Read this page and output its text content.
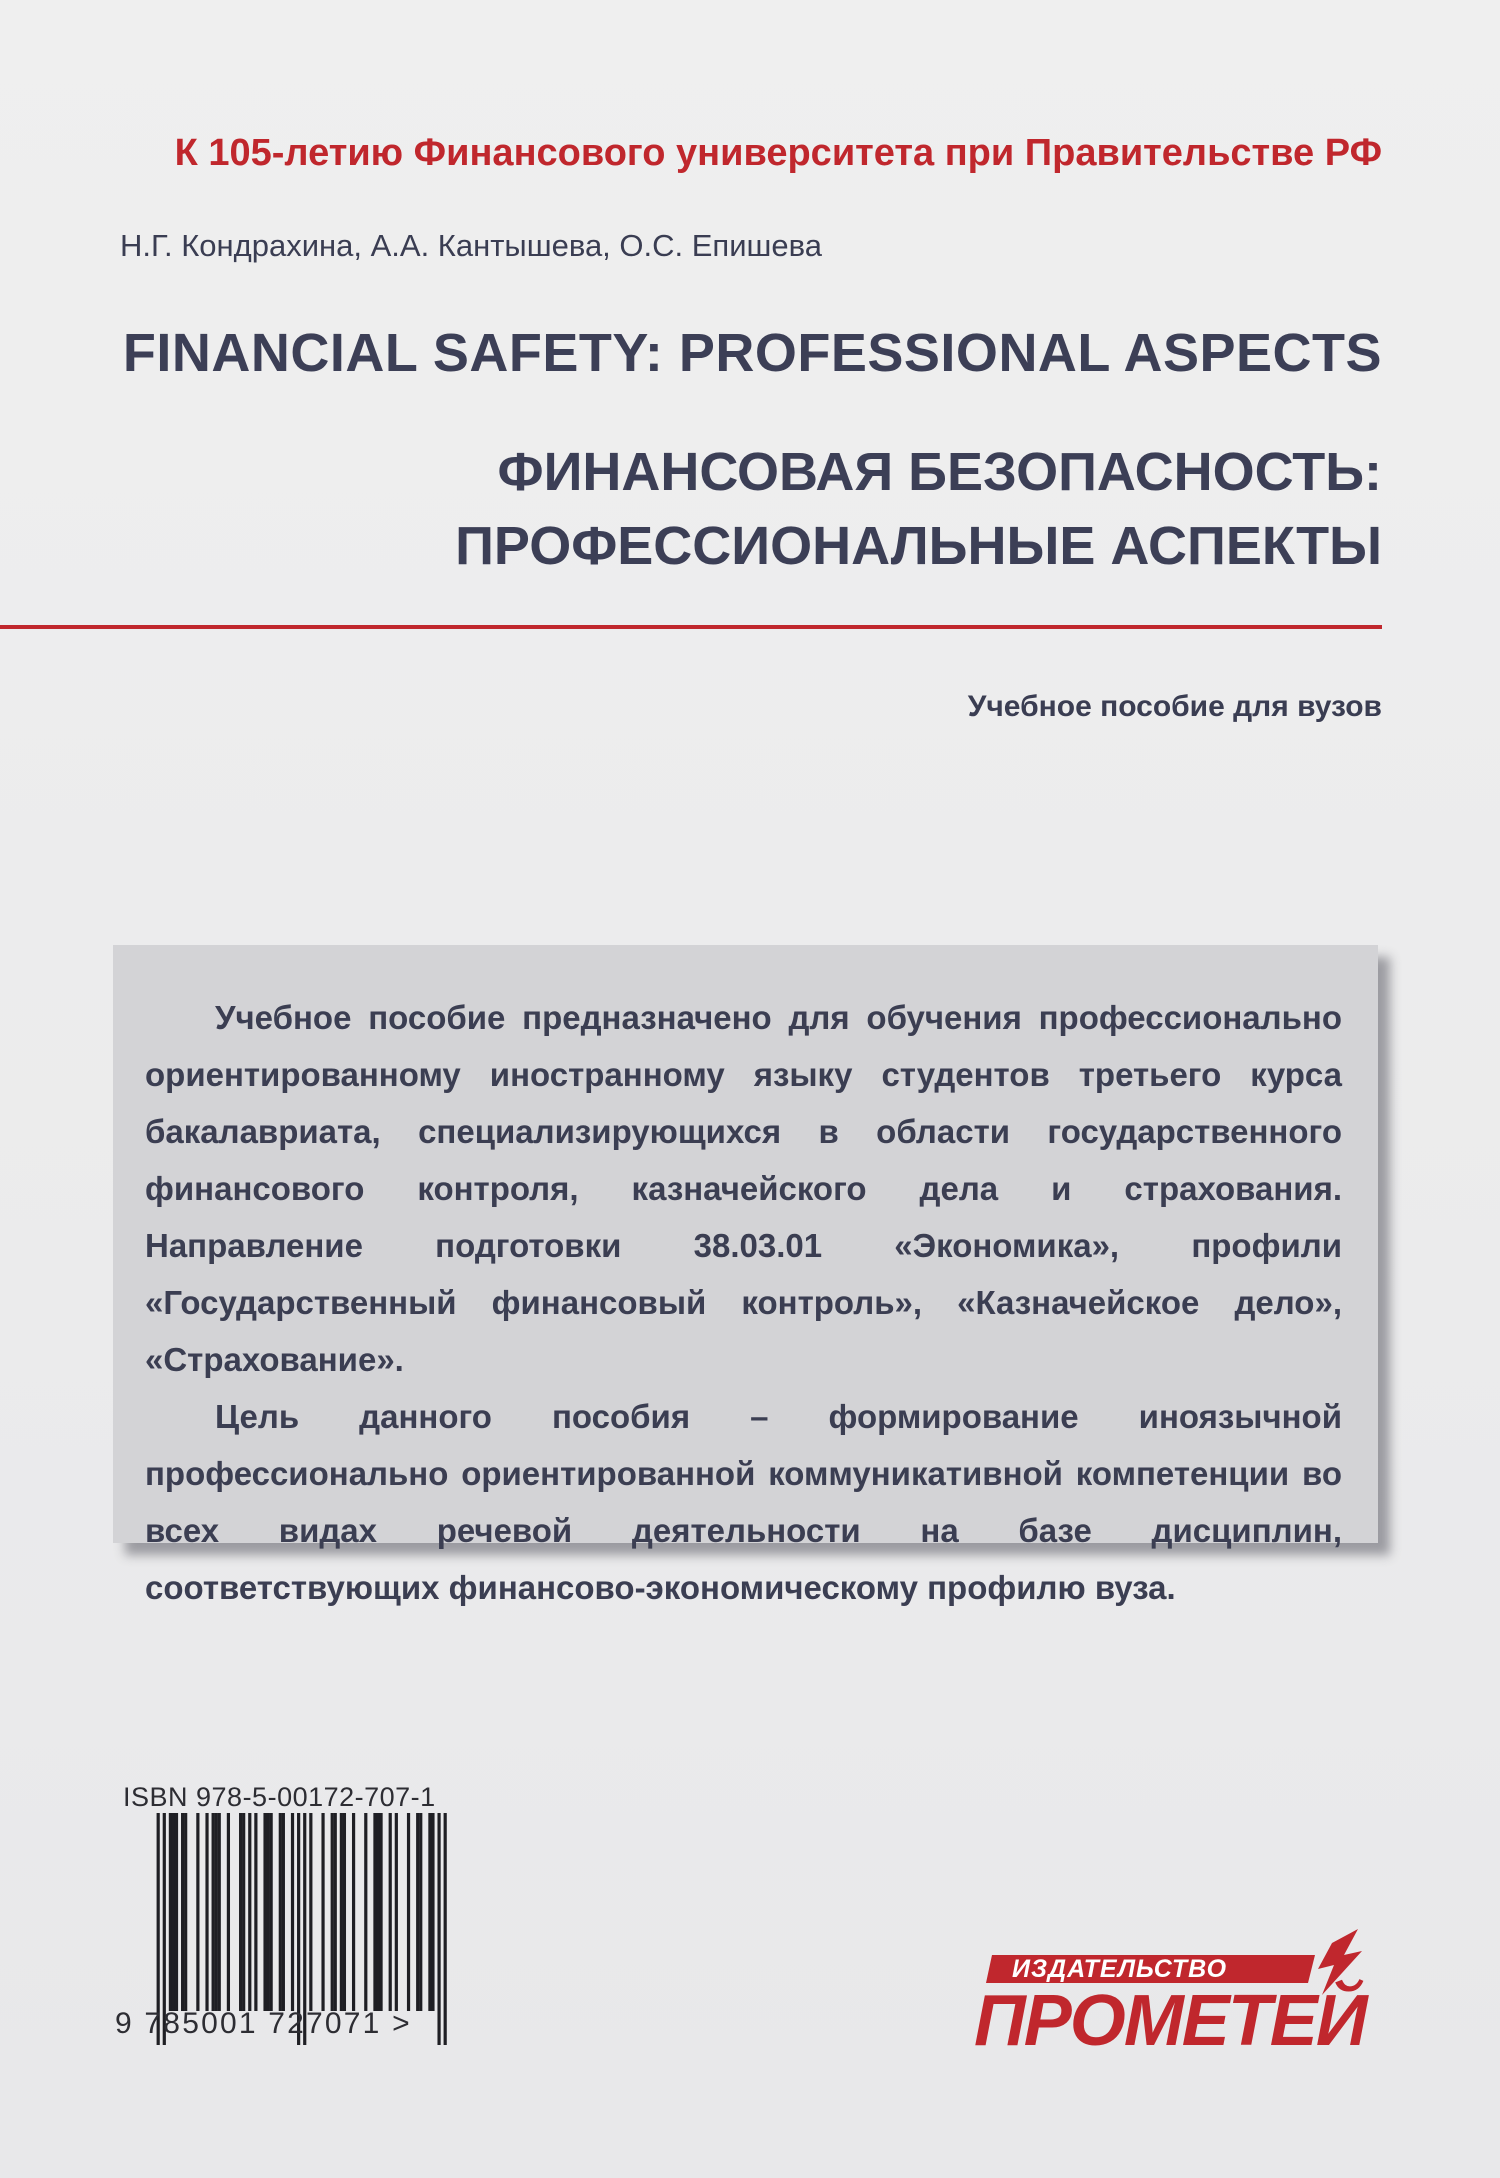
К 105-летию Финансового университета при Правительстве РФ
Н.Г. Кондрахина, А.А. Кантышева, О.С. Епишева
FINANCIAL SAFETY: PROFESSIONAL ASPECTS
ФИНАНСОВАЯ БЕЗОПАСНОСТЬ:
ПРОФЕССИОНАЛЬНЫЕ АСПЕКТЫ
Учебное пособие для вузов

Учебное пособие предназначено для обучения профессионально ориентированному иностранному языку студентов третьего курса бакалавриата, специализирующихся в области государственного финансового контроля, казначейского дела и страхования. Направление подготовки 38.03.01 «Экономика», профили «Государственный финансовый контроль», «Казначейское дело», «Страхование».

Цель данного пособия – формирование иноязычной профессионально ориентированной коммуникативной компетенции во всех видах речевой деятельности на базе дисциплин, соответствующих финансово-экономическому профилю вуза.

ISBN 978-5-00172-707-1
9 785001 727071 >
ИЗДАТЕЛЬСТВО
ПРОМЕТЕЙ
